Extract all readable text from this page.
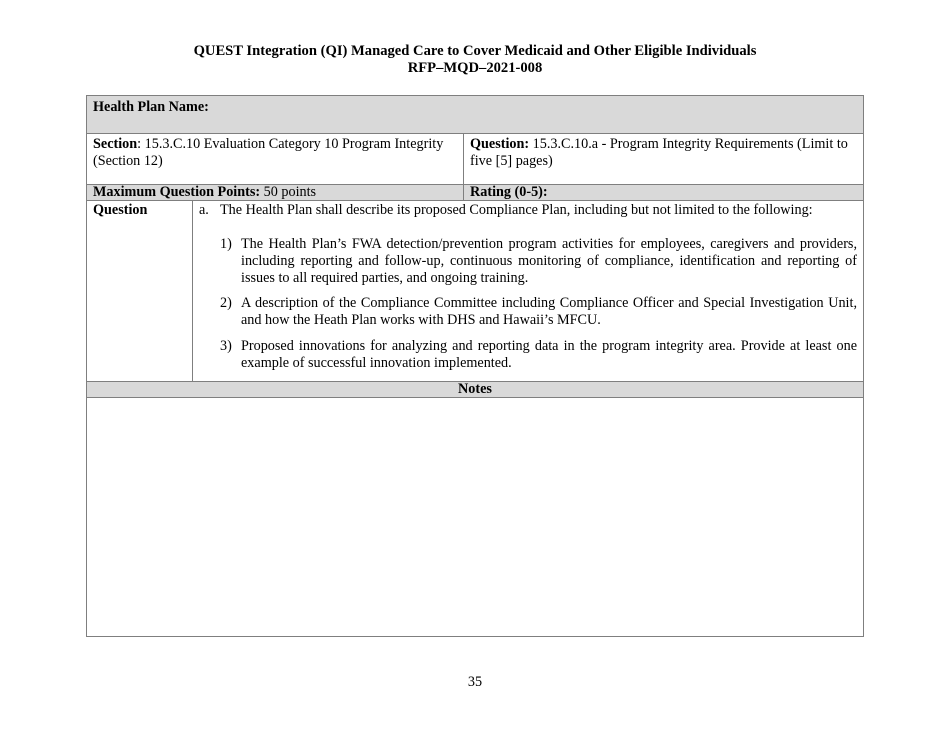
QUEST Integration (QI) Managed Care to Cover Medicaid and Other Eligible Individuals
RFP–MQD–2021-008
Health Plan Name:
Section: 15.3.C.10 Evaluation Category 10 Program Integrity (Section 12)
Question: 15.3.C.10.a - Program Integrity Requirements (Limit to five [5] pages)
Maximum Question Points: 50 points	Rating (0-5):
Question	a. The Health Plan shall describe its proposed Compliance Plan, including but not limited to the following:
1) The Health Plan’s FWA detection/prevention program activities for employees, caregivers and providers, including reporting and follow-up, continuous monitoring of compliance, identification and reporting of issues to all required parties, and ongoing training.
2) A description of the Compliance Committee including Compliance Officer and Special Investigation Unit, and how the Heath Plan works with DHS and Hawaii’s MFCU.
3) Proposed innovations for analyzing and reporting data in the program integrity area. Provide at least one example of successful innovation implemented.
Notes
35
